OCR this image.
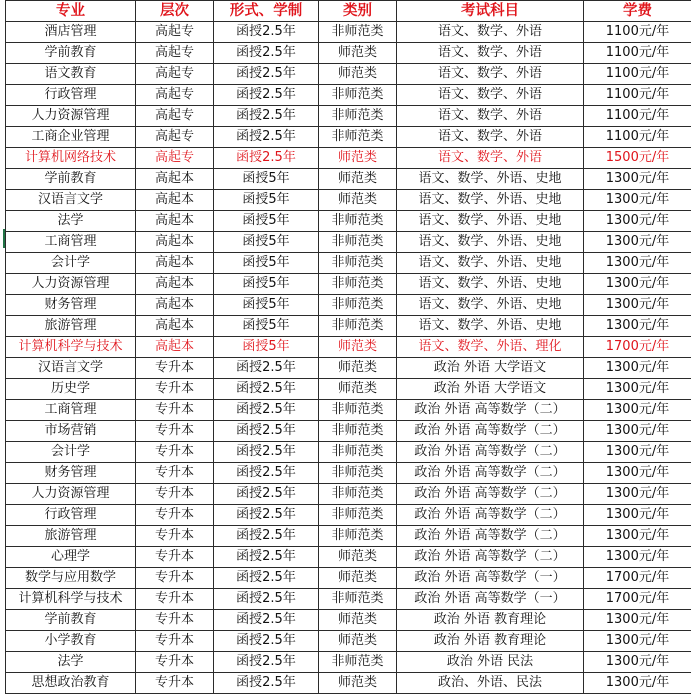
专业	层次	形式、学制	类别	考试科目	学费
酒店管理	高起专	函授2.5年	非师范类	语文、数学、外语	1100元/年
学前教育	高起专	函授2.5年	师范类	语文、数学、外语	1100元/年
语文教育	高起专	函授2.5年	师范类	语文、数学、外语	1100元/年
行政管理	高起专	函授2.5年	非师范类	语文、数学、外语	1100元/年
人力资源管理	高起专	函授2.5年	非师范类	语文、数学、外语	1100元/年
工商企业管理	高起专	函授2.5年	非师范类	语文、数学、外语	1100元/年
计算机网络技术	高起专	函授2.5年	师范类	语文、数学、外语	1500元/年
学前教育	高起本	函授5年	师范类	语文、数学、外语、史地	1300元/年
汉语言文学	高起本	函授5年	师范类	语文、数学、外语、史地	1300元/年
法学	高起本	函授5年	非师范类	语文、数学、外语、史地	1300元/年
工商管理	高起本	函授5年	非师范类	语文、数学、外语、史地	1300元/年
会计学	高起本	函授5年	非师范类	语文、数学、外语、史地	1300元/年
人力资源管理	高起本	函授5年	非师范类	语文、数学、外语、史地	1300元/年
财务管理	高起本	函授5年	非师范类	语文、数学、外语、史地	1300元/年
旅游管理	高起本	函授5年	非师范类	语文、数学、外语、史地	1300元/年
计算机科学与技术	高起本	函授5年	师范类	语文、数学、外语、理化	1700元/年
汉语言文学	专升本	函授2.5年	师范类	政治 外语 大学语文	1300元/年
历史学	专升本	函授2.5年	师范类	政治 外语 大学语文	1300元/年
工商管理	专升本	函授2.5年	非师范类	政治 外语 高等数学（二）	1300元/年
市场营销	专升本	函授2.5年	非师范类	政治 外语 高等数学（二）	1300元/年
会计学	专升本	函授2.5年	非师范类	政治 外语 高等数学（二）	1300元/年
财务管理	专升本	函授2.5年	非师范类	政治 外语 高等数学（二）	1300元/年
人力资源管理	专升本	函授2.5年	非师范类	政治 外语 高等数学（二）	1300元/年
行政管理	专升本	函授2.5年	非师范类	政治 外语 高等数学（二）	1300元/年
旅游管理	专升本	函授2.5年	非师范类	政治 外语 高等数学（二）	1300元/年
心理学	专升本	函授2.5年	师范类	政治 外语 高等数学（二）	1300元/年
数学与应用数学	专升本	函授2.5年	师范类	政治 外语 高等数学（一）	1700元/年
计算机科学与技术	专升本	函授2.5年	非师范类	政治 外语 高等数学（一）	1700元/年
学前教育	专升本	函授2.5年	师范类	政治 外语 教育理论	1300元/年
小学教育	专升本	函授2.5年	师范类	政治 外语 教育理论	1300元/年
法学	专升本	函授2.5年	非师范类	政治 外语 民法	1300元/年
思想政治教育	专升本	函授2.5年	师范类	政治、外语、民法	1300元/年
